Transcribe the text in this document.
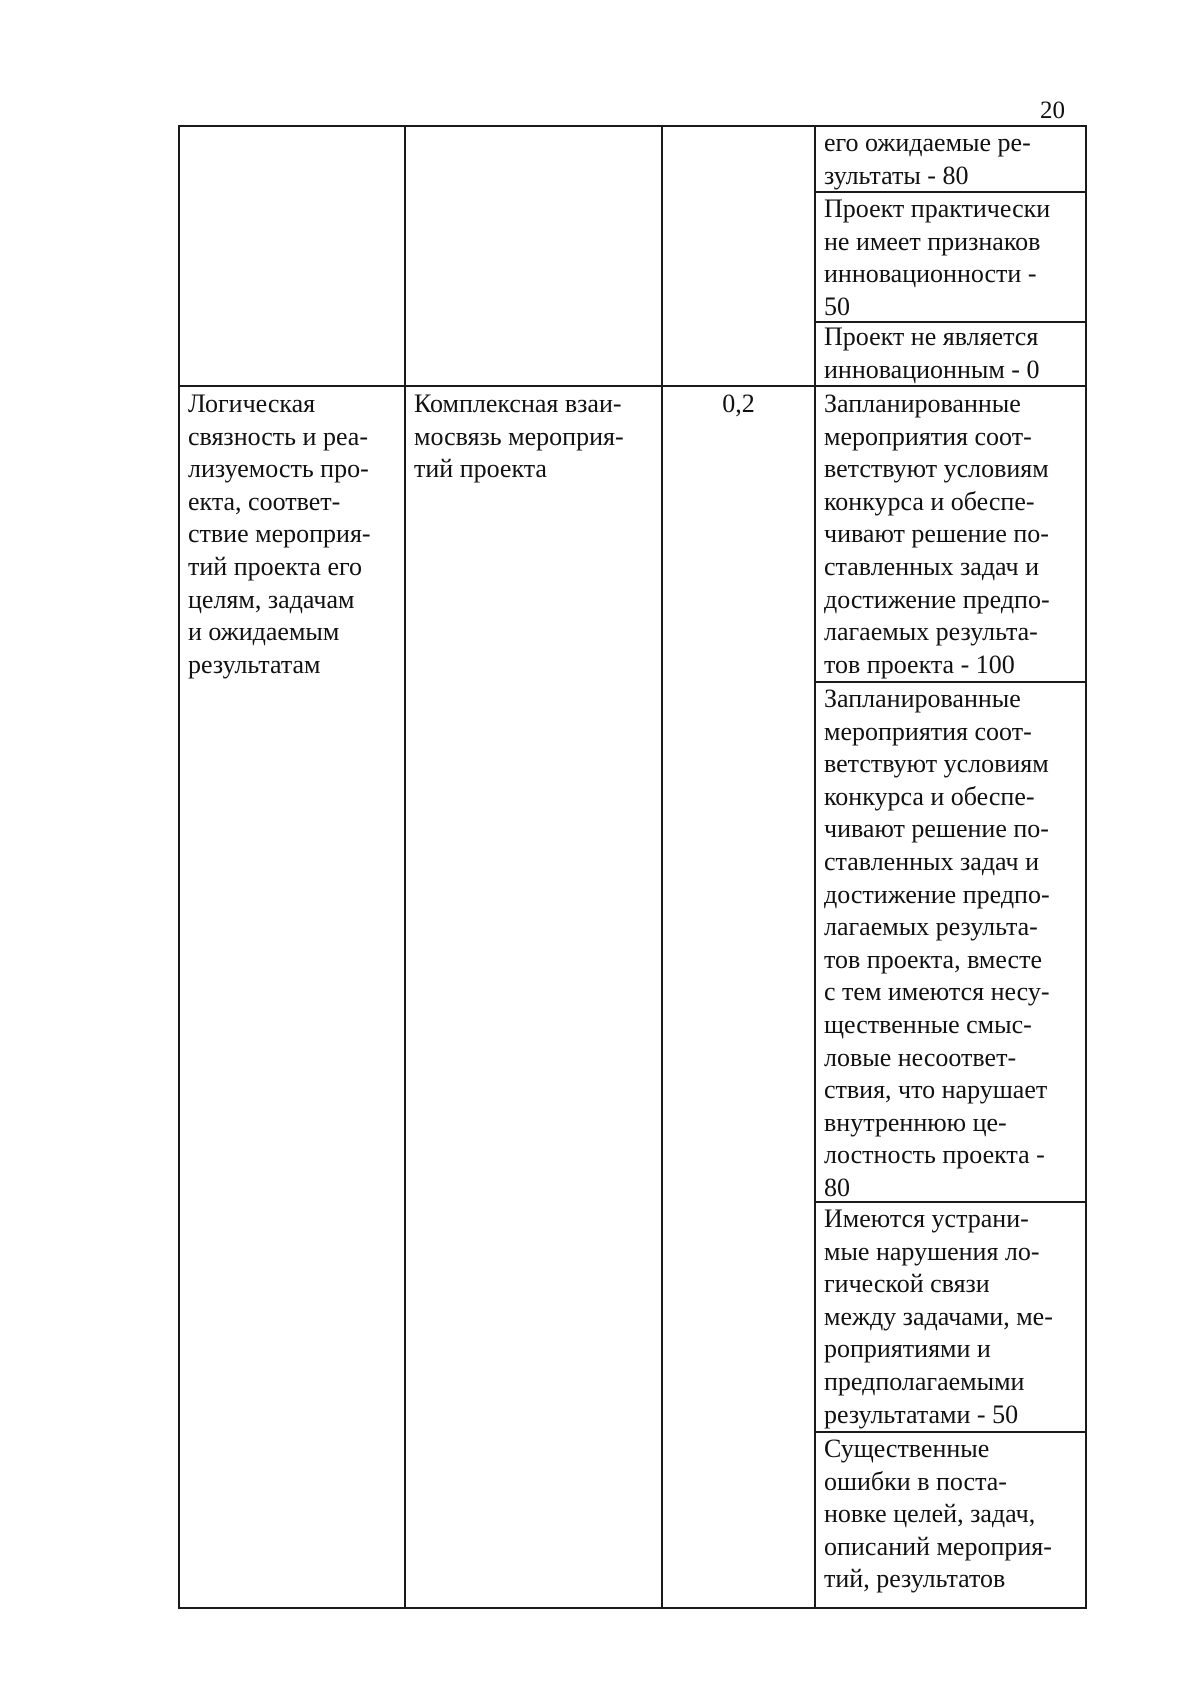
20
его ожидаемые ре-
зультаты - 80
Проект практически
не имеет признаков
инновационности -
50
Проект не является
инновационным - 0
Логическая
связность и реа-
лизуемость про-
екта, соответ-
ствие мероприя-
тий проекта его
целям, задачам
и ожидаемым
результатам
Комплексная взаи-
мосвязь мероприя-
тий проекта
0,2	Запланированные
мероприятия соот-
ветствуют условиям
конкурса и обеспе-
чивают решение по-
ставленных задач и
достижение предпо-
лагаемых результа-
тов проекта - 100
Запланированные
мероприятия соот-
ветствуют условиям
конкурса и обеспе-
чивают решение по-
ставленных задач и
достижение предпо-
лагаемых результа-
тов проекта, вместе
с тем имеются несу-
щественные смыс-
ловые несоответ-
ствия, что нарушает
внутреннюю це-
лостность проекта -
80
Имеются устрани-
мые нарушения ло-
гической связи
между задачами, ме-
роприятиями и
предполагаемыми
результатами - 50
Существенные
ошибки в поста-
новке целей, задач,
описаний мероприя-
тий, результатов
